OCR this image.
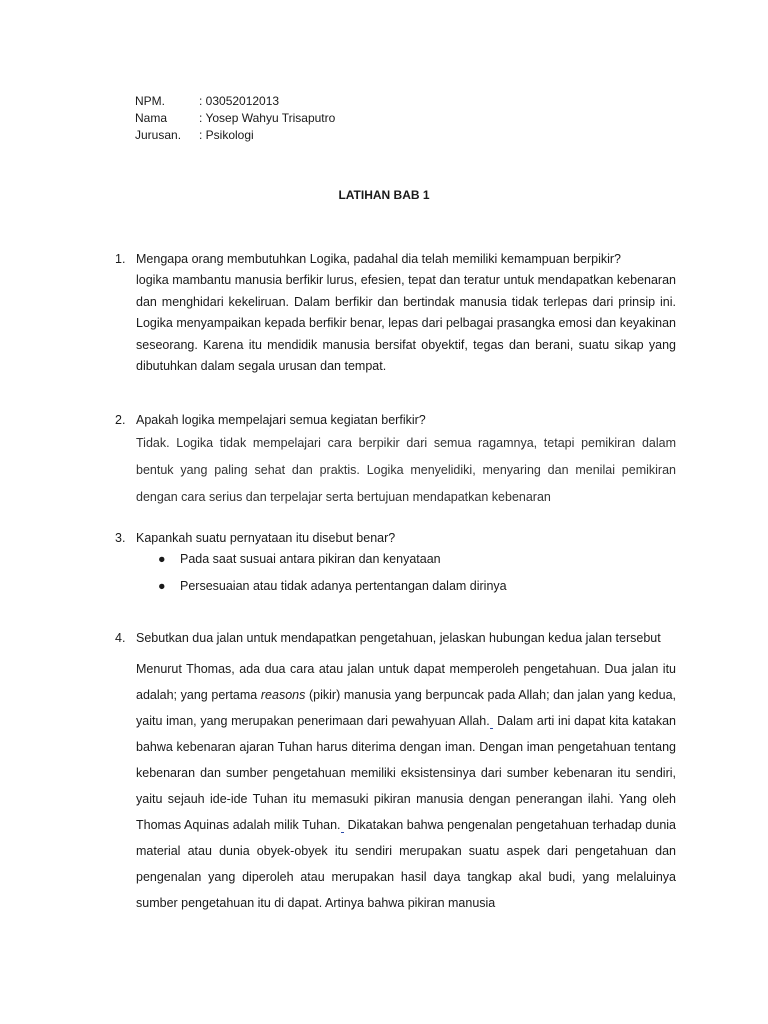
NPM.	: 03052012013
Nama	: Yosep Wahyu Trisaputro
Jurusan. : Psikologi
LATIHAN BAB 1
1. Mengapa orang membutuhkan Logika, padahal dia telah memiliki kemampuan berpikir?
logika mambantu manusia berfikir lurus, efesien, tepat dan teratur untuk mendapatkan kebenaran dan menghidari kekeliruan. Dalam berfikir dan bertindak manusia tidak terlepas dari prinsip ini. Logika menyampaikan kepada berfikir benar, lepas dari pelbagai prasangka emosi dan keyakinan seseorang. Karena itu mendidik manusia bersifat obyektif, tegas dan berani, suatu sikap yang dibutuhkan dalam segala urusan dan tempat.
2. Apakah logika mempelajari semua kegiatan berfikir?
Tidak. Logika tidak mempelajari cara berpikir dari semua ragamnya, tetapi pemikiran dalam bentuk yang paling sehat dan praktis. Logika menyelidiki, menyaring dan menilai pemikiran dengan cara serius dan terpelajar serta bertujuan mendapatkan kebenaran
3. Kapankah suatu pernyataan itu disebut benar?
● Pada saat susuai antara pikiran dan kenyataan
● Persesuaian atau tidak adanya pertentangan dalam dirinya
4. Sebutkan dua jalan untuk mendapatkan pengetahuan, jelaskan hubungan kedua jalan tersebut
Menurut Thomas, ada dua cara atau jalan untuk dapat memperoleh pengetahuan. Dua jalan itu adalah; yang pertama reasons (pikir) manusia yang berpuncak pada Allah; dan jalan yang kedua, yaitu iman, yang merupakan penerimaan dari pewahyuan Allah.  Dalam arti ini dapat kita katakan bahwa kebenaran ajaran Tuhan harus diterima dengan iman. Dengan iman pengetahuan tentang kebenaran dan sumber pengetahuan memiliki eksistensinya dari sumber kebenaran itu sendiri, yaitu sejauh ide-ide Tuhan itu memasuki pikiran manusia dengan penerangan ilahi. Yang oleh Thomas Aquinas adalah milik Tuhan.  Dikatakan bahwa pengenalan pengetahuan terhadap dunia material atau dunia obyek-obyek itu sendiri merupakan suatu aspek dari pengetahuan dan pengenalan yang diperoleh atau merupakan hasil daya tangkap akal budi, yang melaluinya sumber pengetahuan itu di dapat. Artinya bahwa pikiran manusia
